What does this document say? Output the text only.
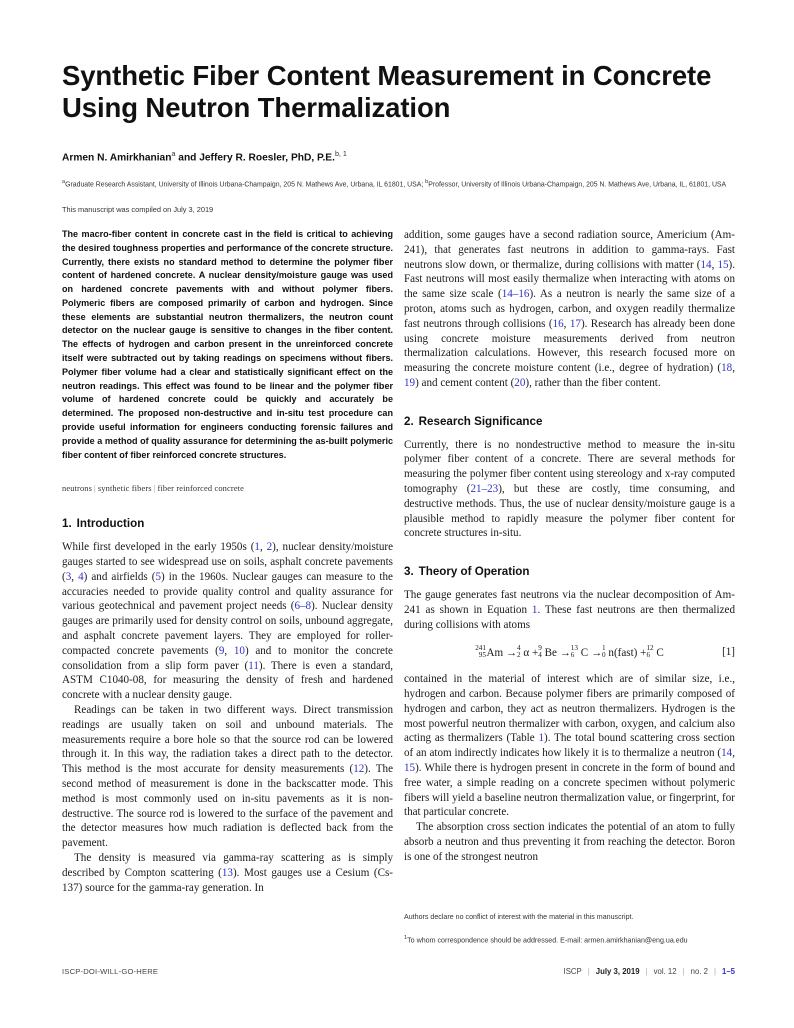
Synthetic Fiber Content Measurement in Concrete Using Neutron Thermalization
Armen N. Amirkhanian$^a$ and Jeffery R. Roesler, PhD, P.E.$^{b, 1}$
$^a$Graduate Research Assistant, University of Illinois Urbana-Champaign, 205 N. Mathews Ave, Urbana, IL 61801, USA; $^b$Professor, University of Illinois Urbana-Champaign, 205 N. Mathews Ave, Urbana, IL, 61801, USA
This manuscript was compiled on July 3, 2019
The macro-fiber content in concrete cast in the field is critical to achieving the desired toughness properties and performance of the concrete structure. Currently, there exists no standard method to determine the polymer fiber content of hardened concrete. A nuclear density/moisture gauge was used on hardened concrete pavements with and without polymer fibers. Polymeric fibers are composed primarily of carbon and hydrogen. Since these elements are substantial neutron thermalizers, the neutron count detector on the nuclear gauge is sensitive to changes in the fiber content. The effects of hydrogen and carbon present in the unreinforced concrete itself were subtracted out by taking readings on specimens without fibers. Polymer fiber volume had a clear and statistically significant effect on the neutron readings. This effect was found to be linear and the polymer fiber volume of hardened concrete could be quickly and accurately be determined. The proposed non-destructive and in-situ test procedure can provide useful information for engineers conducting forensic failures and provide a method of quality assurance for determining the as-built polymeric fiber content of fiber reinforced concrete structures.
neutrons | synthetic fibers | fiber reinforced concrete
1. Introduction

While first developed in the early 1950s (1, 2), nuclear density/moisture gauges started to see widespread use on soils, asphalt concrete pavements (3, 4) and airfields (5) in the 1960s. Nuclear gauges can measure to the accuracies needed to provide quality control and quality assurance for various geotechnical and pavement project needs (6–8). Nuclear density gauges are primarily used for density control on soils, unbound aggregate, and asphalt concrete pavement layers. They are employed for roller-compacted concrete pavements (9, 10) and to monitor the concrete consolidation from a slip form paver (11). There is even a standard, ASTM C1040-08, for measuring the density of fresh and hardened concrete with a nuclear density gauge.

Readings can be taken in two different ways. Direct transmission readings are usually taken on soil and unbound materials. The measurements require a bore hole so that the source rod can be lowered through it. In this way, the radiation takes a direct path to the detector. This method is the most accurate for density measurements (12). The second method of measurement is done in the backscatter mode. This method is most commonly used on in-situ pavements as it is non-destructive. The source rod is lowered to the surface of the pavement and the detector measures how much radiation is deflected back from the pavement.

The density is measured via gamma-ray scattering as is simply described by Compton scattering (13). Most gauges use a Cesium (Cs-137) source for the gamma-ray generation. In

addition, some gauges have a second radiation source, Americium (Am-241), that generates fast neutrons in addition to gamma-rays. Fast neutrons slow down, or thermalize, during collisions with matter (14, 15). Fast neutrons will most easily thermalize when interacting with atoms on the same size scale (14–16). As a neutron is nearly the same size of a proton, atoms such as hydrogen, carbon, and oxygen readily thermalize fast neutrons through collisions (16, 17). Research has already been done using concrete moisture measurements derived from neutron thermalization calculations. However, this research focused more on measuring the concrete moisture content (i.e., degree of hydration) (18, 19) and cement content (20), rather than the fiber content.

2. Research Significance

Currently, there is no nondestructive method to measure the in-situ polymer fiber content of a concrete. There are several methods for measuring the polymer fiber content using stereology and x-ray computed tomography (21–23), but these are costly, time consuming, and destructive methods. Thus, the use of nuclear density/moisture gauge is a plausible method to rapidly measure the polymer fiber content for concrete structures in-situ.

3. Theory of Operation

The gauge generates fast neutrons via the nuclear decomposition of Am-241 as shown in Equation 1. These fast neutrons are then thermalized during collisions with atoms

241
95 Am → 4
2 α + 9
4 Be → 13
6 C → 1
0 n(fast) + 12
6 C	[1]

contained in the material of interest which are of similar size, i.e., hydrogen and carbon. Because polymer fibers are primarily composed of hydrogen and carbon, they act as neutron thermalizers. Hydrogen is the most powerful neutron thermalizer with carbon, oxygen, and calcium also acting as thermalizers (Table 1). The total bound scattering cross section of an atom indirectly indicates how likely it is to thermalize a neutron (14, 15). While there is hydrogen present in concrete in the form of bound and free water, a simple reading on a concrete specimen without polymeric fibers will yield a baseline neutron thermalization value, or fingerprint, for that particular concrete.

The absorption cross section indicates the potential of an atom to fully absorb a neutron and thus preventing it from reaching the detector. Boron is one of the strongest neutron

Authors declare no conflict of interest with the material in this manuscript.
$^1$To whom correspondence should be addressed. E-mail: armen.amirkhanian@eng.ua.edu
ISCP-DOI-WILL-GO-HERE	ISCP | July 3, 2019 | vol. 12 | no. 2 | 1–5
